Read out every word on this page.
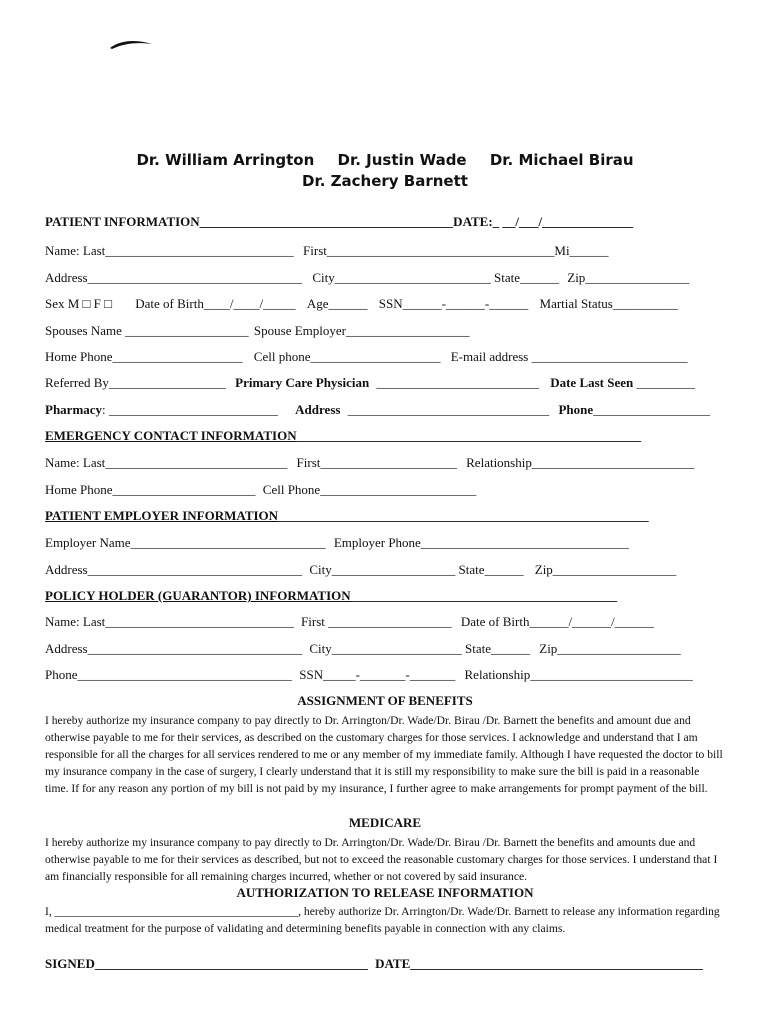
Dr. William Arrington Dr. Justin Wade Dr. Michael Birau Dr. Zachery Barnett
PATIENT INFORMATION_______________________________________DATE:_ __/___/______________
Name: Last_____________________________ First___________________________________Mi______
Address_________________________________ City________________________ State______ Zip________________
Sex M □ F □ Date of Birth____/____/_____ Age______ SSN______-______-______ Martial Status__________
Spouses Name ___________________ Spouse Employer___________________
Home Phone____________________ Cell phone____________________ E-mail address ________________________
Referred By__________________ Primary Care Physician _________________________ Date Last Seen _________
Pharmacy: __________________________ Address _______________________________ Phone__________________
EMERGENCY CONTACT INFORMATION_____________________________________________________
Name: Last____________________________ First_____________________ Relationship_________________________
Home Phone______________________ Cell Phone________________________
PATIENT EMPLOYER INFORMATION_________________________________________________________
Employer Name______________________________ Employer Phone________________________________
Address_________________________________ City___________________ State______ Zip___________________
POLICY HOLDER (GUARANTOR) INFORMATION_________________________________________
Name: Last_____________________________ First ___________________ Date of Birth______/______/______
Address_________________________________ City____________________ State______ Zip___________________
Phone_________________________________ SSN_____-_______-_______ Relationship_________________________
ASSIGNMENT OF BENEFITS
I hereby authorize my insurance company to pay directly to Dr. Arrington/Dr. Wade/Dr. Birau /Dr. Barnett the benefits and amount due and otherwise payable to me for their services, as described on the customary charges for those services. I acknowledge and understand that I am responsible for all the charges for all services rendered to me or any member of my immediate family. Although I have requested the doctor to bill my insurance company in the case of surgery, I clearly understand that it is still my responsibility to make sure the bill is paid in a reasonable time. If for any reason any portion of my bill is not paid by my insurance, I further agree to make arrangements for prompt payment of the bill.
MEDICARE
I hereby authorize my insurance company to pay directly to Dr. Arrington/Dr. Wade/Dr. Birau /Dr. Barnett the benefits and amounts due and otherwise payable to me for their services as described, but not to exceed the reasonable customary charges for those services. I understand that I am financially responsible for all remaining charges incurred, whether or not covered by said insurance.
AUTHORIZATION TO RELEASE INFORMATION
I, __________________________________________, hereby authorize Dr. Arrington/Dr. Wade/Dr. Barnett to release any information regarding medical treatment for the purpose of validating and determining benefits payable in connection with any claims.
SIGNED__________________________________________ DATE_____________________________________________
